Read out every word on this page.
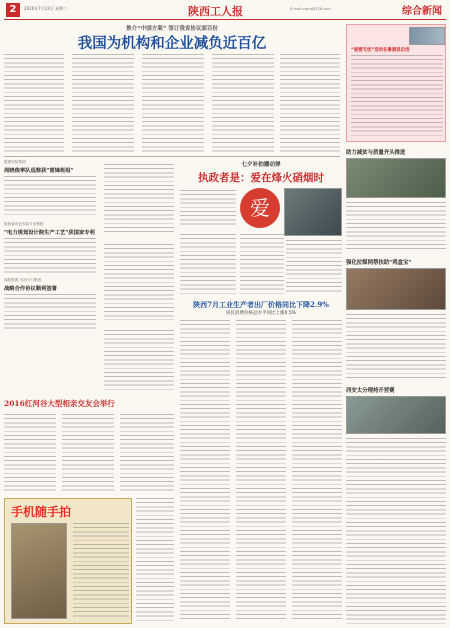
2	2016年7月12日 星期二	陕西工人报	E-mail:sxgrb@126.com	综合新闻
推介“中国方案” 签订我省协议面百份
我国为机构和企业减负近百亿
陕建安装集团
周晓俊率队巡察获“雷锋班组”
陕西省有色安装专业集团
“电力规划设计院生产工艺”获国家专利
咸阳集团 平凉天力集团
战略合作协议顺利签署
2016红河谷大型相亲交友会举行
手机随手拍
七夕补拍播动弹
执政者是：爱在烽火硝烟时
爱
陕西7月工业生产者出厂价格同比下降2.9%
居民消费价格总水平同比上涨0.5%
“爱婴无忧”活动在鲁潜县启创
助力减贫与质量齐头推进
强化拉煤网帮扶助“鸡盒宝”
西安太分理持开营赛
